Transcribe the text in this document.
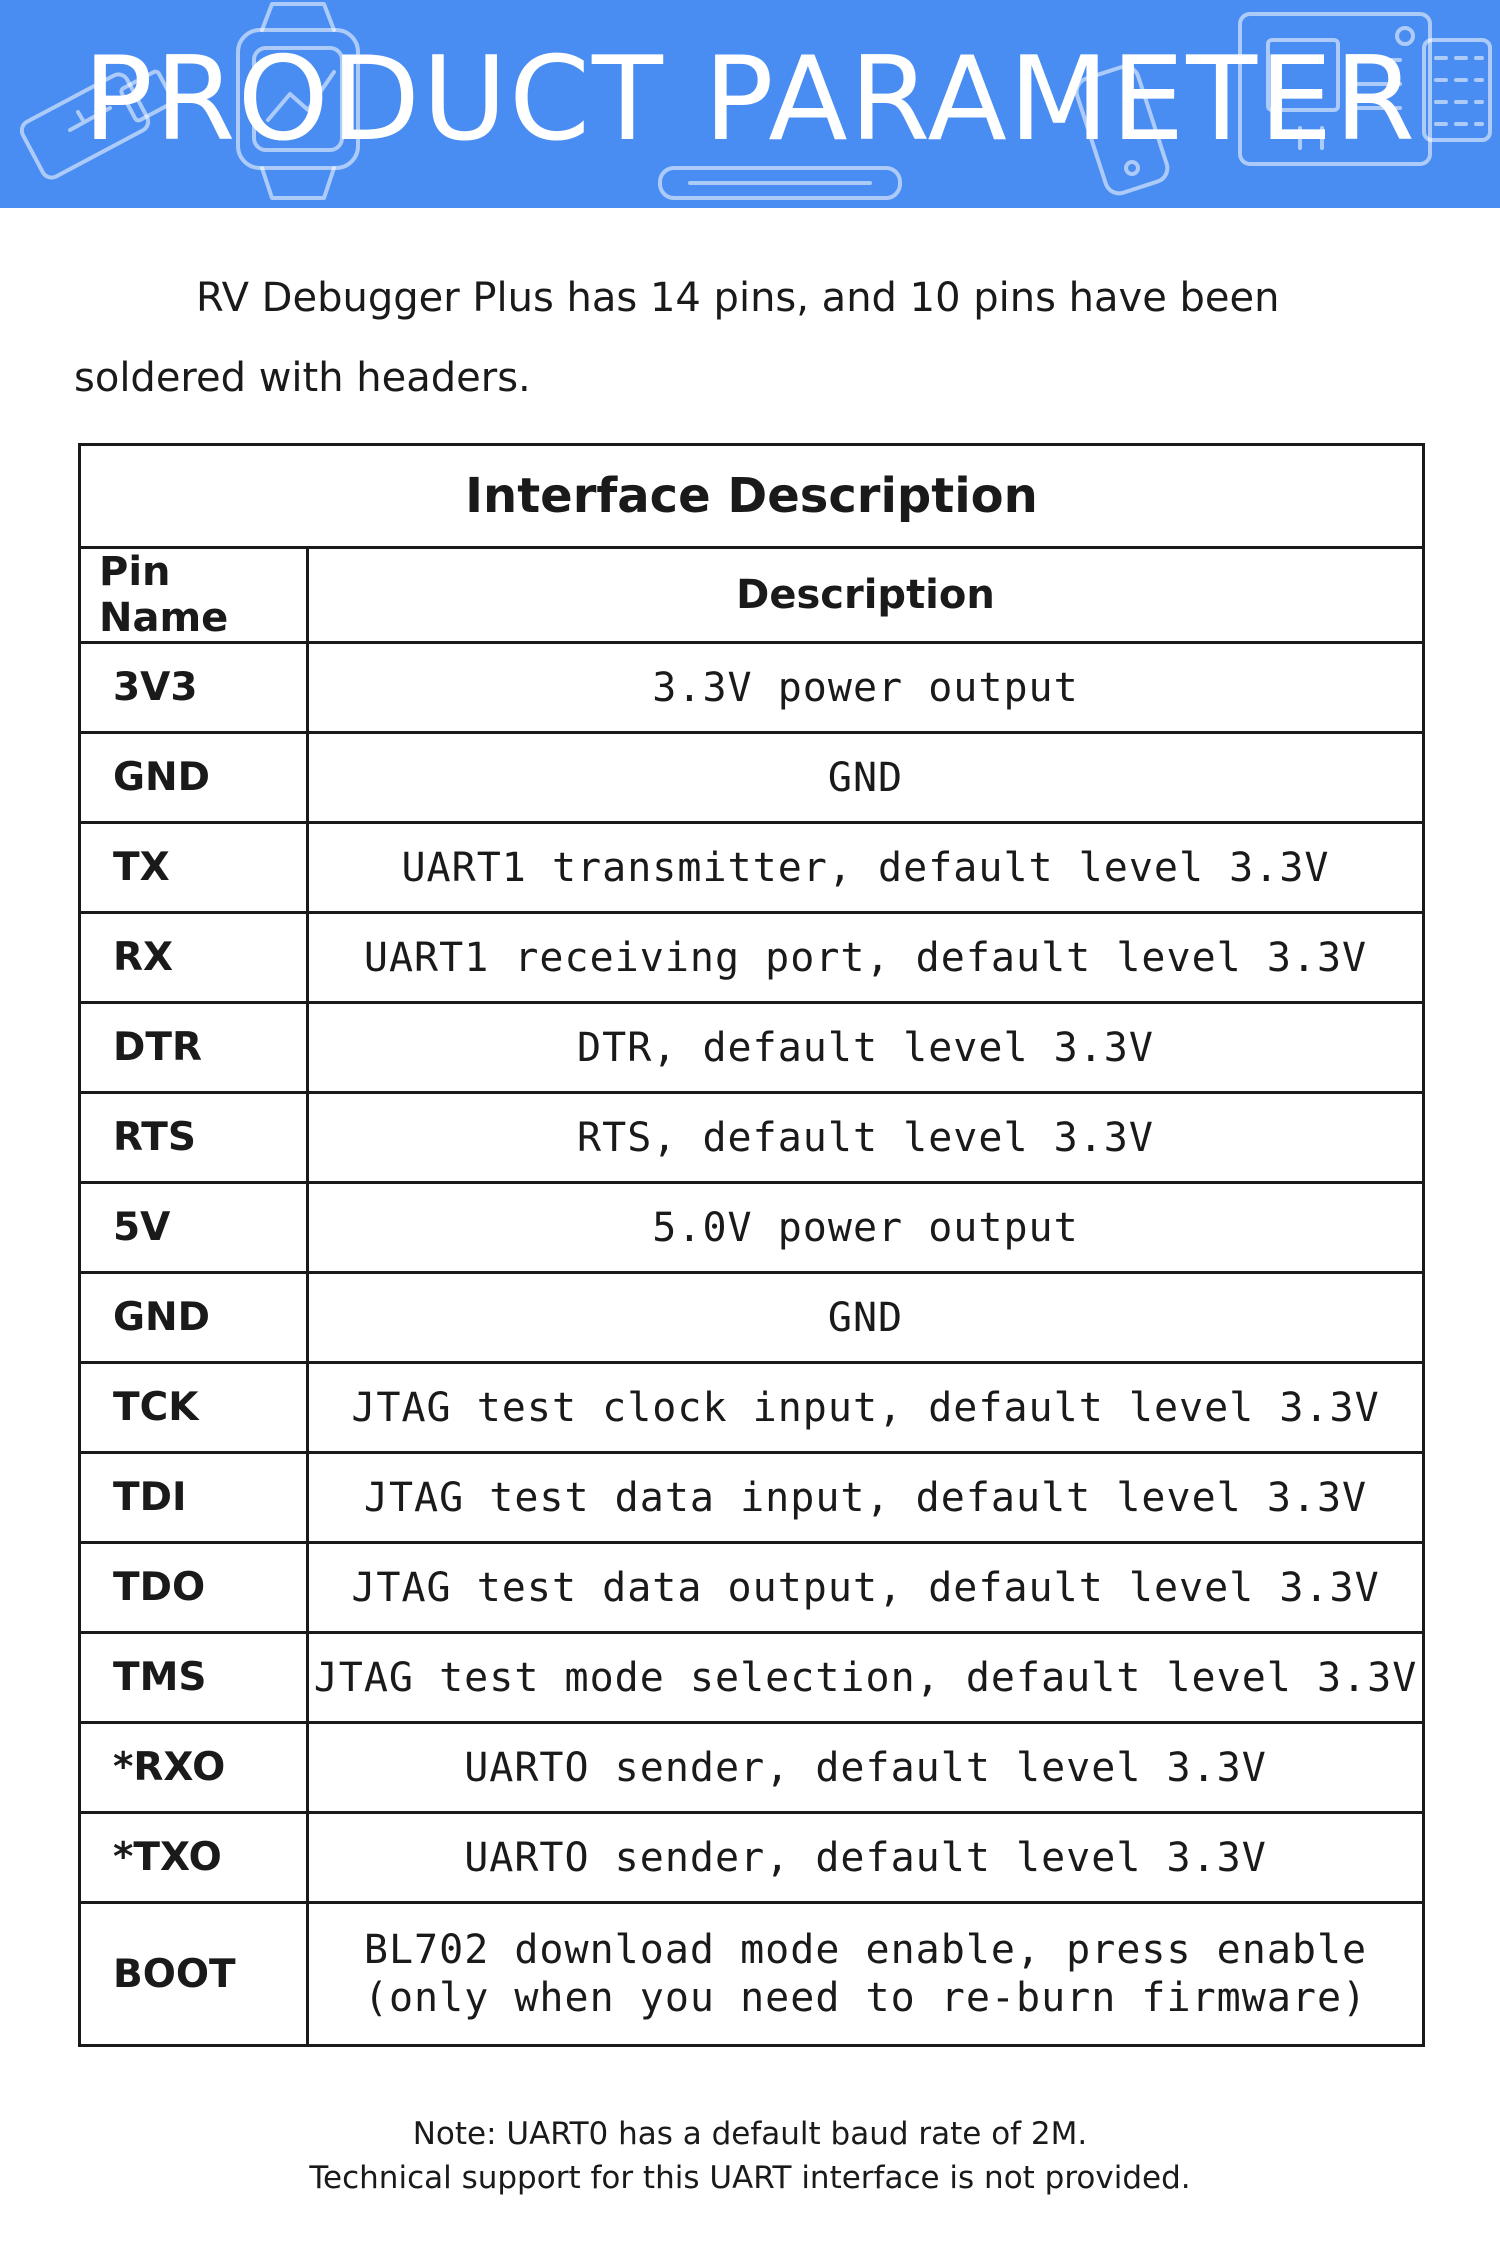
PRODUCT PARAMETER
RV Debugger Plus has 14 pins, and 10 pins have been soldered with headers.
Interface Description	
Pin Name	Description
3V3	3.3V power output
GND	GND
TX	UART1 transmitter, default level 3.3V
RX	UART1 receiving port, default level 3.3V
DTR	DTR, default level 3.3V
RTS	RTS, default level 3.3V
5V	5.0V power output
GND	GND
TCK	JTAG test clock input, default level 3.3V
TDI	JTAG test data input, default level 3.3V
TDO	JTAG test data output, default level 3.3V
TMS	JTAG test mode selection, default level 3.3V
*RXO	UARTO sender, default level 3.3V
*TXO	UARTO sender, default level 3.3V
BOOT	BL702 download mode enable, press enable
(only when you need to re-burn firmware)
Note: UART0 has a default baud rate of 2M.
Technical support for this UART interface is not provided.
